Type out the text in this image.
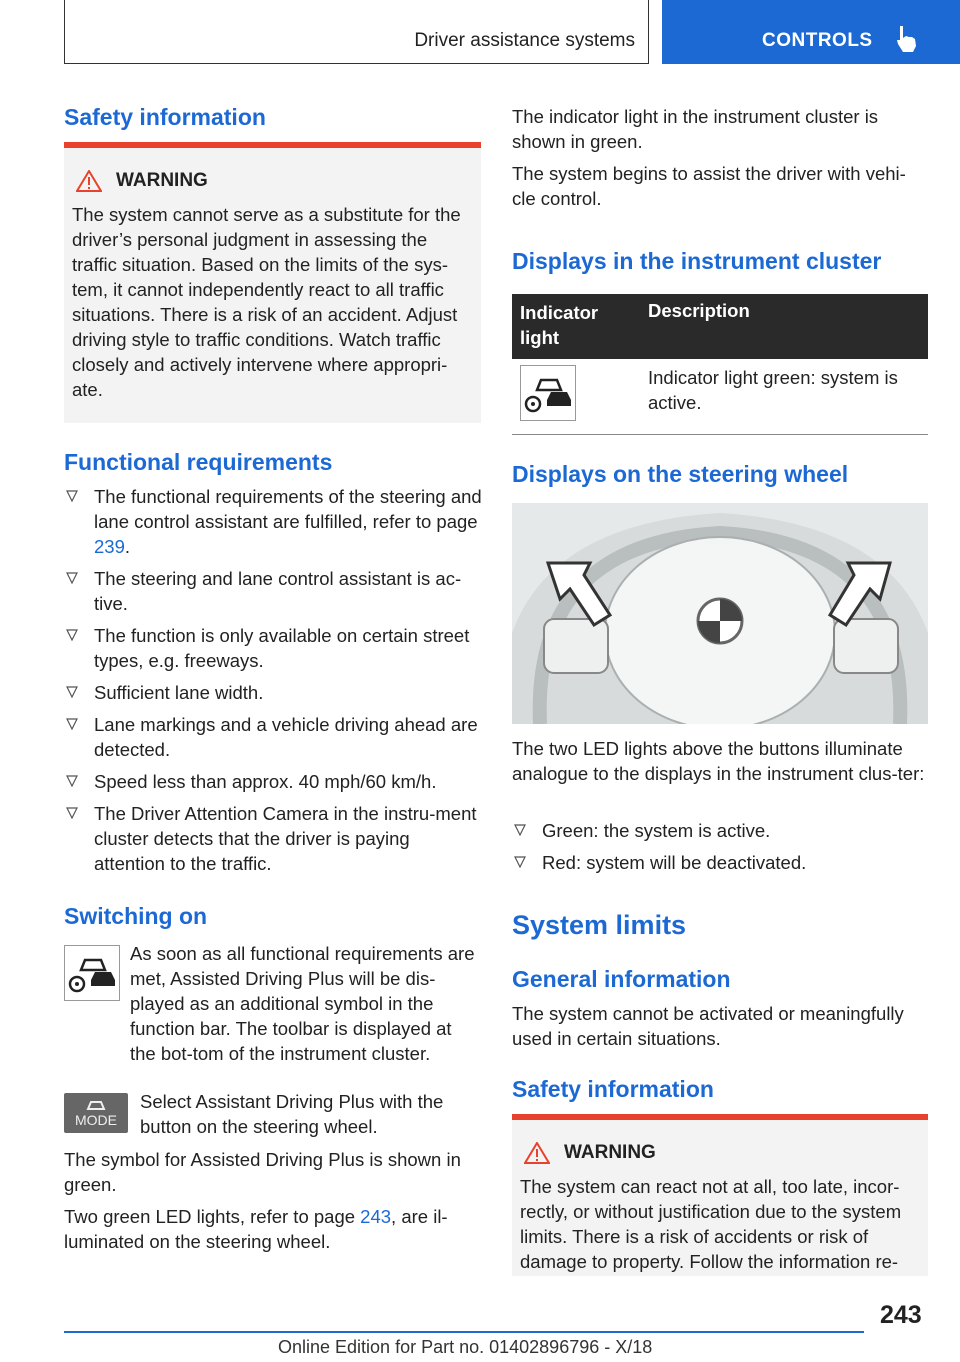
Driver assistance systems	CONTROLS
Safety information
WARNING
The system cannot serve as a substitute for the driver’s personal judgment in assessing the traffic situation. Based on the limits of the sys-tem, it cannot independently react to all traffic situations. There is a risk of an accident. Adjust driving style to traffic conditions. Watch traffic closely and actively intervene where appropri-ate.
Functional requirements
The functional requirements of the steering and lane control assistant are fulfilled, refer to page 239.
The steering and lane control assistant is ac-tive.
The function is only available on certain street types, e.g. freeways.
Sufficient lane width.
Lane markings and a vehicle driving ahead are detected.
Speed less than approx. 40 mph/60 km/h.
The Driver Attention Camera in the instru-ment cluster detects that the driver is paying attention to the traffic.
Switching on
As soon as all functional requirements are met, Assisted Driving Plus will be dis-played as an additional symbol in the function bar. The toolbar is displayed at the bot-tom of the instrument cluster.
MODE
Select Assistant Driving Plus with the button on the steering wheel.
The symbol for Assisted Driving Plus is shown in green.
Two green LED lights, refer to page 243, are il-luminated on the steering wheel.
The indicator light in the instrument cluster is shown in green.
The system begins to assist the driver with vehi-cle control.
Displays in the instrument cluster
Indicator light	Description

	Indicator light green: system is active.
Displays on the steering wheel
The two LED lights above the buttons illuminate analogue to the displays in the instrument clus-ter:
Green: the system is active.
Red: system will be deactivated.
System limits
General information
The system cannot be activated or meaningfully used in certain situations.
Safety information
WARNING
The system can react not at all, too late, incor-rectly, or without justification due to the system limits. There is a risk of accidents or risk of damage to property. Follow the information re-
243
Online Edition for Part no. 01402896796 - X/18
